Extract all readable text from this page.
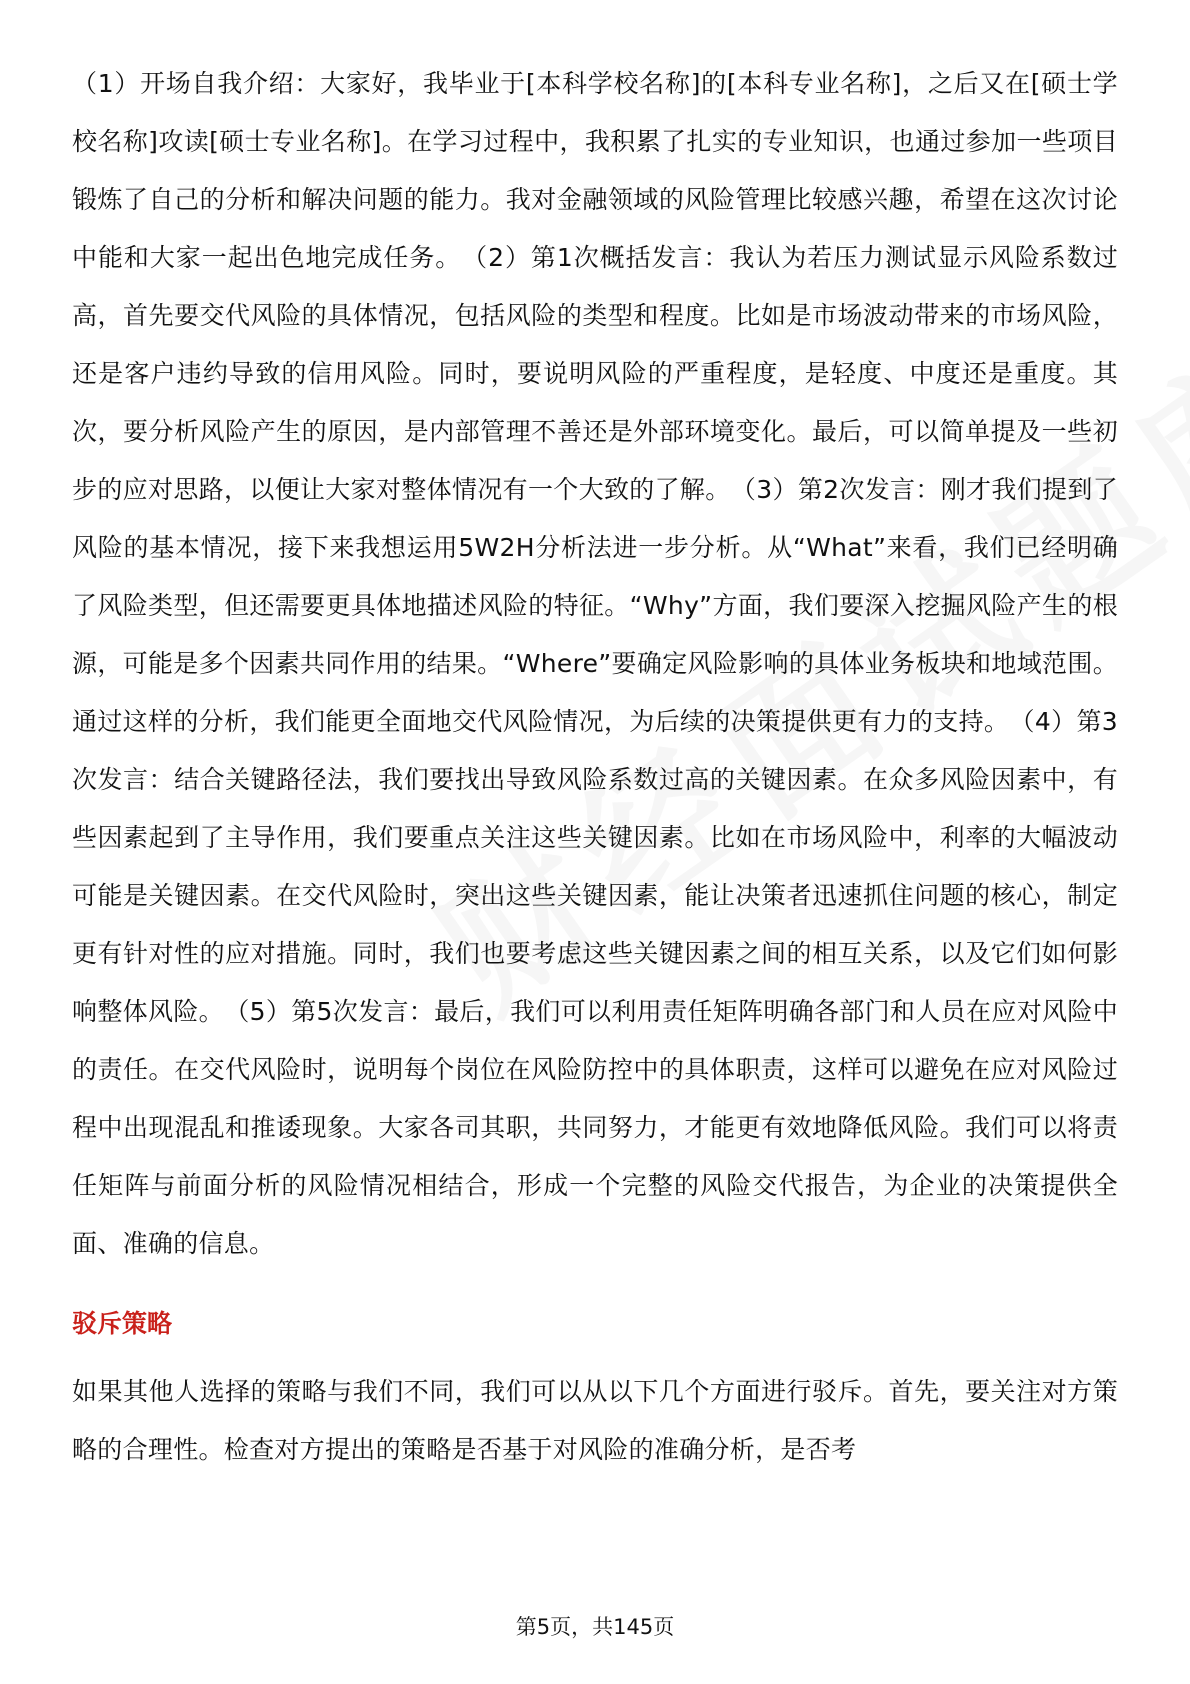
（1）开场自我介绍：大家好，我毕业于[本科学校名称]的[本科专业名称]，之后又在[硕士学校名称]攻读[硕士专业名称]。在学习过程中，我积累了扎实的专业知识，也通过参加一些项目锻炼了自己的分析和解决问题的能力。我对金融领域的风险管理比较感兴趣，希望在这次讨论中能和大家一起出色地完成任务。　（2）第1次概括发言：我认为若压力测试显示风险系数过高，首先要交代风险的具体情况，包括风险的类型和程度。比如是市场波动带来的市场风险，还是客户违约导致的信用风险。同时，要说明风险的严重程度，是轻度、中度还是重度。其次，要分析风险产生的原因，是内部管理不善还是外部环境变化。最后，可以简单提及一些初步的应对思路，以便让大家对整体情况有一个大致的了解。　（3）第2次发言：刚才我们提到了风险的基本情况，接下来我想运用5W2H分析法进一步分析。从“What”来看，我们已经明确了风险类型，但还需要更具体地描述风险的特征。“Why”方面，我们要深入挖掘风险产生的根源，可能是多个因素共同作用的结果。“Where”要确定风险影响的具体业务板块和地域范围。通过这样的分析，我们能更全面地交代风险情况，为后续的决策提供更有力的支持。　（4）第3次发言：结合关键路径法，我们要找出导致风险系数过高的关键因素。在众多风险因素中，有些因素起到了主导作用，我们要重点关注这些关键因素。比如在市场风险中，利率的大幅波动可能是关键因素。在交代风险时，突出这些关键因素，能让决策者迅速抓住问题的核心，制定更有针对性的应对措施。同时，我们也要考虑这些关键因素之间的相互关系，以及它们如何影响整体风险。　（5）第5次发言：最后，我们可以利用责任矩阵明确各部门和人员在应对风险中的责任。在交代风险时，说明每个岗位在风险防控中的具体职责，这样可以避免在应对风险过程中出现混乱和推诿现象。大家各司其职，共同努力，才能更有效地降低风险。我们可以将责任矩阵与前面分析的风险情况相结合，形成一个完整的风险交代报告，为企业的决策提供全面、准确的信息。

驳斥策略

如果其他人选择的策略与我们不同，我们可以从以下几个方面进行驳斥。首先，要关注对方策略的合理性。检查对方提出的策略是否基于对风险的准确分析，是否考

第5页，共145页
